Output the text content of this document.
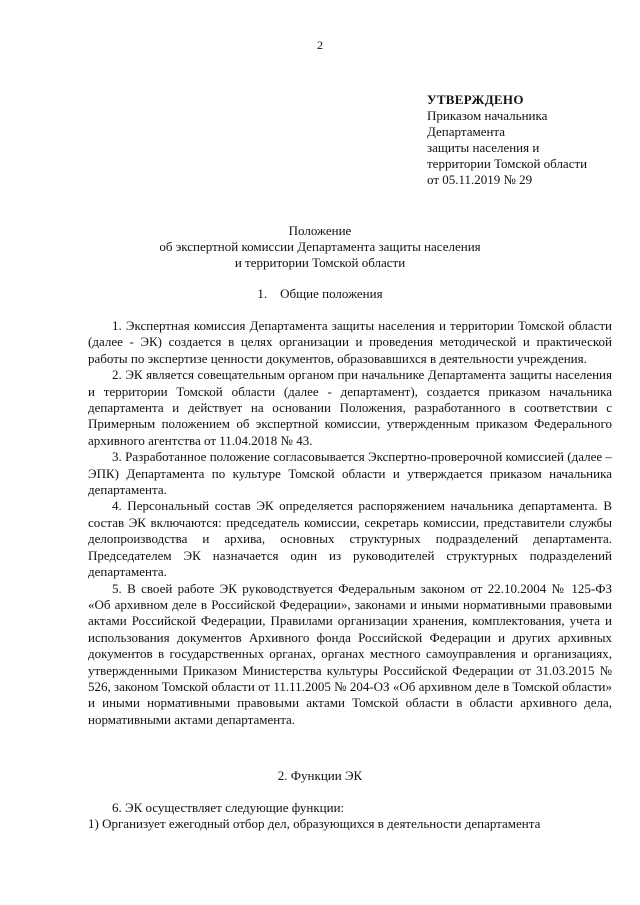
2
УТВЕРЖДЕНО
Приказом начальника
Департамента
защиты населения и
территории Томской области
от 05.11.2019 № 29
Положение
об экспертной комиссии Департамента защиты населения
и территории Томской области
1. Общие положения

1. Экспертная комиссия Департамента защиты населения и территории Томской области (далее - ЭК) создается в целях организации и проведения методической и практической работы по экспертизе ценности документов, образовавшихся в деятельности учреждения.

2. ЭК является совещательным органом при начальнике Департамента защиты населения и территории Томской области (далее - департамент), создается приказом начальника департамента и действует на основании Положения, разработанного в соответствии с Примерным положением об экспертной комиссии, утвержденным приказом Федерального архивного агентства от 11.04.2018 № 43.

3. Разработанное положение согласовывается Экспертно-проверочной комиссией (далее – ЭПК) Департамента по культуре Томской области и утверждается приказом начальника департамента.

4. Персональный состав ЭК определяется распоряжением начальника департамента. В состав ЭК включаются: председатель комиссии, секретарь комиссии, представители службы делопроизводства и архива, основных структурных подразделений департамента. Председателем ЭК назначается один из руководителей структурных подразделений департамента.

5. В своей работе ЭК руководствуется Федеральным законом от 22.10.2004 № 125-ФЗ «Об архивном деле в Российской Федерации», законами и иными нормативными правовыми актами Российской Федерации, Правилами организации хранения, комплектования, учета и использования документов Архивного фонда Российской Федерации и других архивных документов в государственных органах, органах местного самоуправления и организациях, утвержденными Приказом Министерства культуры Российской Федерации от 31.03.2015 № 526, законом Томской области от 11.11.2005 № 204-ОЗ «Об архивном деле в Томской области» и иными нормативными правовыми актами Томской области в области архивного дела, нормативными актами департамента.

2. Функции ЭК

6. ЭК осуществляет следующие функции:

1) Организует ежегодный отбор дел, образующихся в деятельности департамента
